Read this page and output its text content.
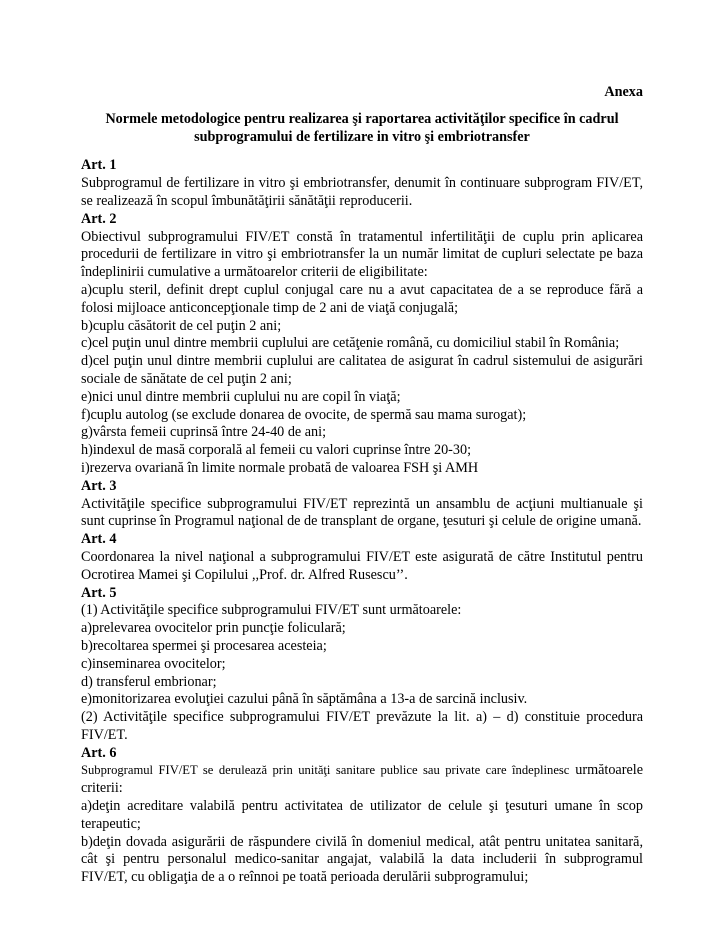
Anexa

Normele metodologice pentru realizarea şi raportarea activităţilor specifice în cadrul subprogramului de fertilizare in vitro şi embriotransfer

Art. 1

Subprogramul de fertilizare in vitro şi embriotransfer, denumit în continuare subprogram FIV/ET, se realizează în scopul îmbunătăţirii sănătăţii reproducerii.

Art. 2

Obiectivul subprogramului FIV/ET constă în tratamentul infertilităţii de cuplu prin aplicarea procedurii de fertilizare in vitro şi embriotransfer la un număr limitat de cupluri selectate pe baza îndeplinirii cumulative a următoarelor criterii de eligibilitate:

a)cuplu steril, definit drept cuplul conjugal care nu a avut capacitatea de a se reproduce fără a folosi mijloace anticoncepţionale timp de 2 ani de viaţă conjugală;

b)cuplu căsătorit de cel puţin 2 ani;

c)cel puţin unul dintre membrii cuplului are cetăţenie română, cu domiciliul stabil în România;

d)cel puţin unul dintre membrii cuplului are calitatea de asigurat în cadrul sistemului de asigurări sociale de sănătate de cel puţin 2 ani;

e)nici unul dintre membrii cuplului nu are copil în viaţă;

f)cuplu autolog (se exclude donarea de ovocite, de spermă sau mama surogat);

g)vârsta femeii cuprinsă între 24-40 de ani;

h)indexul de masă corporală al femeii cu valori cuprinse între 20-30;

i)rezerva ovariană în limite normale probată de valoarea FSH şi AMH

Art. 3

Activităţile specifice subprogramului FIV/ET reprezintă un ansamblu de acţiuni multianuale şi sunt cuprinse în Programul naţional de de transplant de organe, ţesuturi şi celule de origine umană.

Art. 4

Coordonarea la nivel naţional a subprogramului FIV/ET este asigurată de către Institutul pentru Ocrotirea Mamei şi Copilului ,,Prof. dr. Alfred Rusescu’’.

Art. 5

(1) Activităţile specifice subprogramului FIV/ET sunt următoarele:

a)prelevarea ovocitelor prin puncţie foliculară;

b)recoltarea spermei şi procesarea acesteia;

c)inseminarea ovocitelor;

d) transferul embrionar;

e)monitorizarea evoluţiei cazului până în săptămâna a 13-a de sarcină inclusiv.

(2) Activităţile specifice subprogramului FIV/ET prevăzute la lit. a) – d) constituie procedura FIV/ET.

Art. 6

Subprogramul FIV/ET se derulează prin unităţi sanitare publice sau private care îndeplinesc următoarele criterii:

a)deţin acreditare valabilă pentru activitatea de utilizator de celule şi ţesuturi umane în scop terapeutic;

b)deţin dovada asigurării de răspundere civilă în domeniul medical, atât pentru unitatea sanitară, cât şi pentru personalul medico-sanitar angajat, valabilă la data includerii în subprogramul FIV/ET, cu obligaţia de a o reînnoi pe toată perioada derulării subprogramului;
